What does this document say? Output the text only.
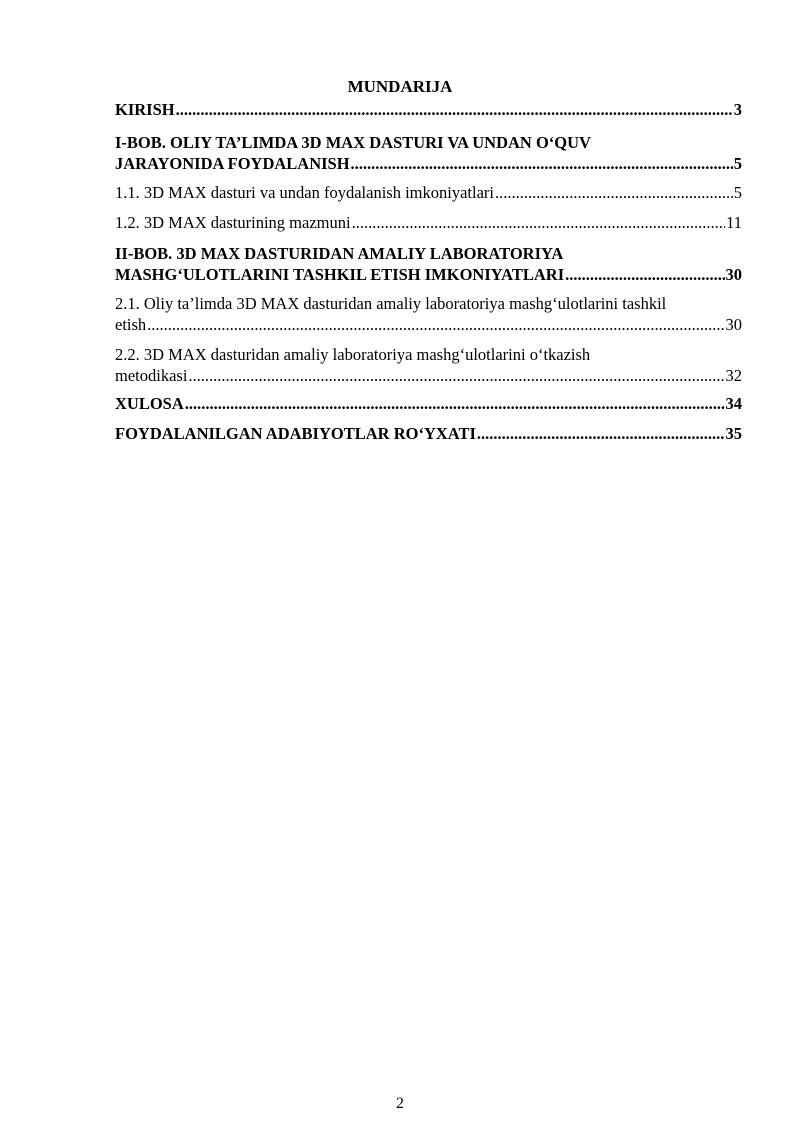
MUNDARIJA
KIRISH .....	3
I-BOB. OLIY TA’LIMDA 3D MAX DASTURI VA UNDAN O‘QUV
JARAYONIDA FOYDALANISH .....	5
1.1. 3D MAX dasturi va undan foydalanish imkoniyatlari .....	5
1.2. 3D MAX dasturining mazmuni .....	11
II-BOB. 3D MAX DASTURIDAN AMALIY LABORATORIYA
MASHG‘ULOTLARINI TASHKIL ETISH IMKONIYATLARI .....	30
2.1. Oliy ta’limda 3D MAX dasturidan amaliy laboratoriya mashg‘ulotlarini tashkil
etish .....	30
2.2. 3D MAX dasturidan amaliy laboratoriya mashg‘ulotlarini o‘tkazish
metodikasi .....	32
XULOSA .....	34
FOYDALANILGAN ADABIYOTLAR RO‘YXATI .....	35
2
